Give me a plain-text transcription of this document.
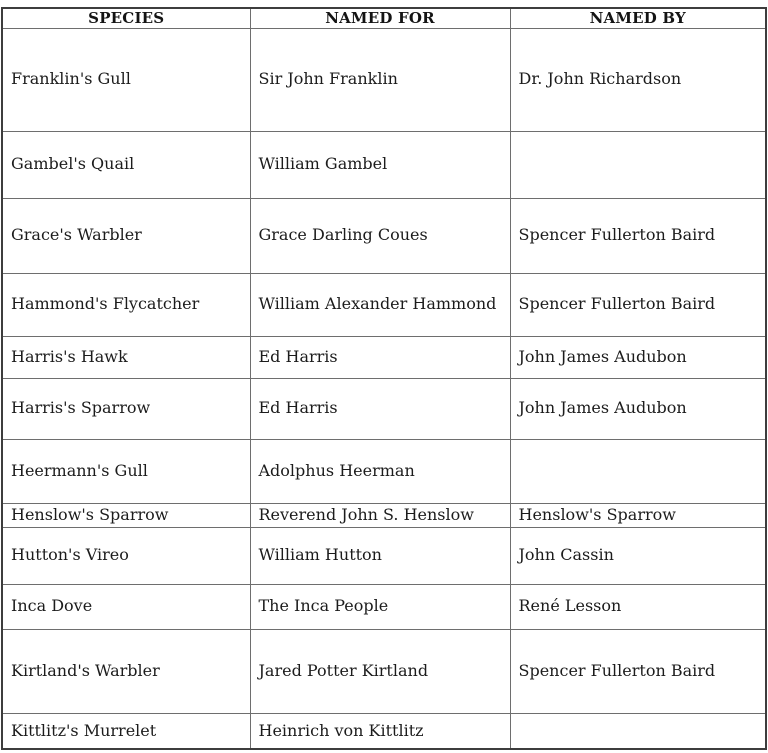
SPECIES	NAMED FOR	NAMED BY
Franklin's Gull	Sir John Franklin	Dr. John Richardson
Gambel's Quail	William Gambel	
Grace's Warbler	Grace Darling Coues	Spencer Fullerton Baird
Hammond's Flycatcher	William Alexander Hammond	Spencer Fullerton Baird
Harris's Hawk	Ed Harris	John James Audubon
Harris's Sparrow	Ed Harris	John James Audubon
Heermann's Gull	Adolphus Heerman	
Henslow's Sparrow	Reverend John S. Henslow	Henslow's Sparrow
Hutton's Vireo	William Hutton	John Cassin
Inca Dove	The Inca People	René Lesson
Kirtland's Warbler	Jared Potter Kirtland	Spencer Fullerton Baird
Kittlitz's Murrelet	Heinrich von Kittlitz	
